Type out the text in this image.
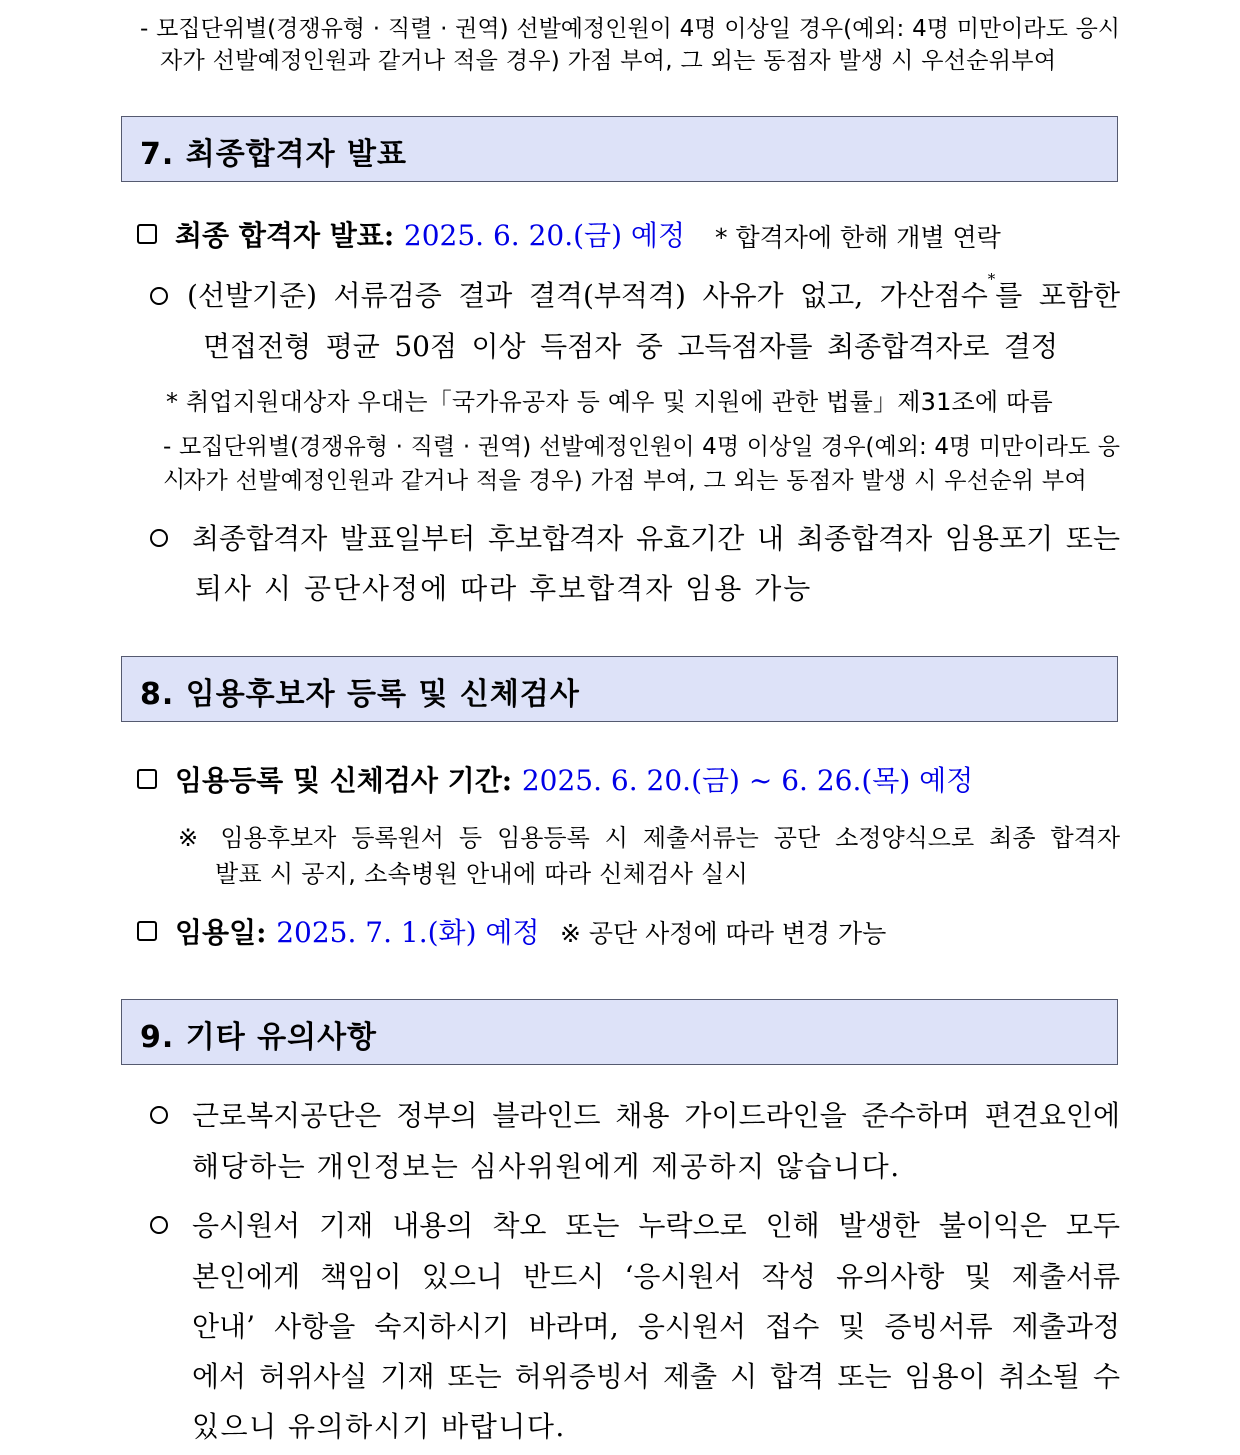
- 모집단위별(경쟁유형 · 직렬 · 권역) 선발예정인원이 4명 이상일 경우(예외: 4명 미만이라도 응시
자가 선발예정인원과 같거나 적을 경우) 가점 부여, 그 외는 동점자 발생 시 우선순위부여
7. 최종합격자 발표
최종 합격자 발표: 2025. 6. 20.(금) 예정 * 합격자에 한해 개별 연락
(선발기준) 서류검증 결과 결격(부적격) 사유가 없고, 가산점수*를 포함한
면접전형 평균 50점 이상 득점자 중 고득점자를 최종합격자로 결정
* 취업지원대상자 우대는「국가유공자 등 예우 및 지원에 관한 법률」제31조에 따름
- 모집단위별(경쟁유형 · 직렬 · 권역) 선발예정인원이 4명 이상일 경우(예외: 4명 미만이라도 응시
자가 선발예정인원과 같거나 적을 경우) 가점 부여, 그 외는 동점자 발생 시 우선순위 부여
최종합격자 발표일부터 후보합격자 유효기간 내 최종합격자 임용포기 또는
퇴사 시 공단사정에 따라 후보합격자 임용 가능
8. 임용후보자 등록 및 신체검사
임용등록 및 신체검사 기간: 2025. 6. 20.(금) ~ 6. 26.(목) 예정
※ 임용후보자 등록원서 등 임용등록 시 제출서류는 공단 소정양식으로 최종 합격자
발표 시 공지, 소속병원 안내에 따라 신체검사 실시
임용일: 2025. 7. 1.(화) 예정 ※ 공단 사정에 따라 변경 가능
9. 기타 유의사항
근로복지공단은 정부의 블라인드 채용 가이드라인을 준수하며 편견요인에
해당하는 개인정보는 심사위원에게 제공하지 않습니다.
응시원서 기재 내용의 착오 또는 누락으로 인해 발생한 불이익은 모두
본인에게 책임이 있으니 반드시 ‘응시원서 작성 유의사항 및 제출서류
안내’ 사항을 숙지하시기 바라며, 응시원서 접수 및 증빙서류 제출과정
에서 허위사실 기재 또는 허위증빙서 제출 시 합격 또는 임용이 취소될 수
있으니 유의하시기 바랍니다.
